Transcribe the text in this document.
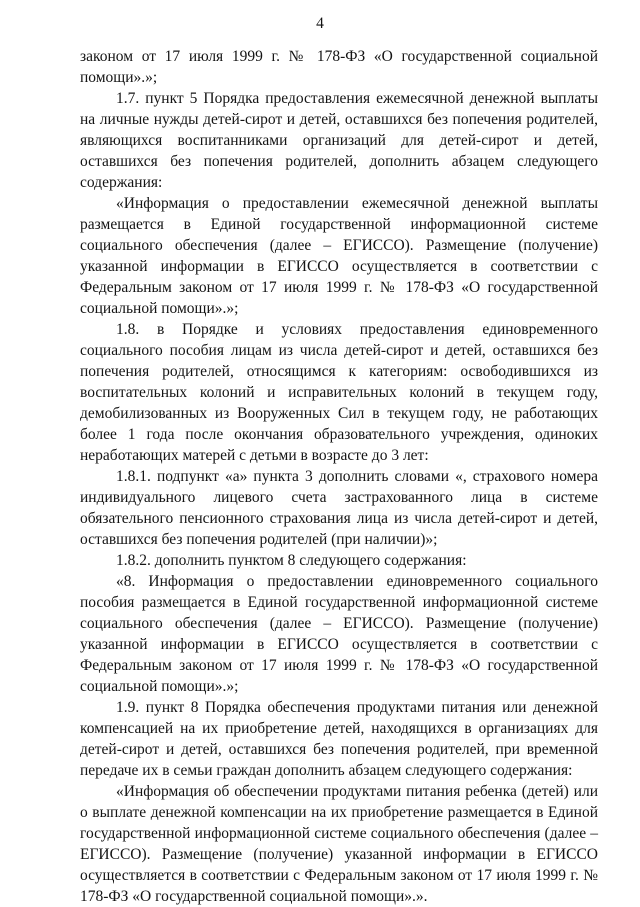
4

законом от 17 июля 1999 г. № 178-ФЗ «О государственной социальной помощи».»;

1.7. пункт 5 Порядка предоставления ежемесячной денежной выплаты на личные нужды детей-сирот и детей, оставшихся без попечения родителей, являющихся воспитанниками организаций для детей-сирот и детей, оставшихся без попечения родителей, дополнить абзацем следующего содержания:

«Информация о предоставлении ежемесячной денежной выплаты размещается в Единой государственной информационной системе социального обеспечения (далее – ЕГИССО). Размещение (получение) указанной информации в ЕГИССО осуществляется в соответствии с Федеральным законом от 17 июля 1999 г. № 178-ФЗ «О государственной социальной помощи».»;

1.8. в Порядке и условиях предоставления единовременного социального пособия лицам из числа детей-сирот и детей, оставшихся без попечения родителей, относящимся к категориям: освободившихся из воспитательных колоний и исправительных колоний в текущем году, демобилизованных из Вооруженных Сил в текущем году, не работающих более 1 года после окончания образовательного учреждения, одиноких неработающих матерей с детьми в возрасте до 3 лет:

1.8.1. подпункт «а» пункта 3 дополнить словами «, страхового номера индивидуального лицевого счета застрахованного лица в системе обязательного пенсионного страхования лица из числа детей-сирот и детей, оставшихся без попечения родителей (при наличии)»;

1.8.2. дополнить пунктом 8 следующего содержания:

«8. Информация о предоставлении единовременного социального пособия размещается в Единой государственной информационной системе социального обеспечения (далее – ЕГИССО). Размещение (получение) указанной информации в ЕГИССО осуществляется в соответствии с Федеральным законом от 17 июля 1999 г. № 178-ФЗ «О государственной социальной помощи».»;

1.9. пункт 8 Порядка обеспечения продуктами питания или денежной компенсацией на их приобретение детей, находящихся в организациях для детей-сирот и детей, оставшихся без попечения родителей, при временной передаче их в семьи граждан дополнить абзацем следующего содержания:

«Информация об обеспечении продуктами питания ребенка (детей) или о выплате денежной компенсации на их приобретение размещается в Единой государственной информационной системе социального обеспечения (далее – ЕГИССО). Размещение (получение) указанной информации в ЕГИССО осуществляется в соответствии с Федеральным законом от 17 июля 1999 г. № 178-ФЗ «О государственной социальной помощи».».
